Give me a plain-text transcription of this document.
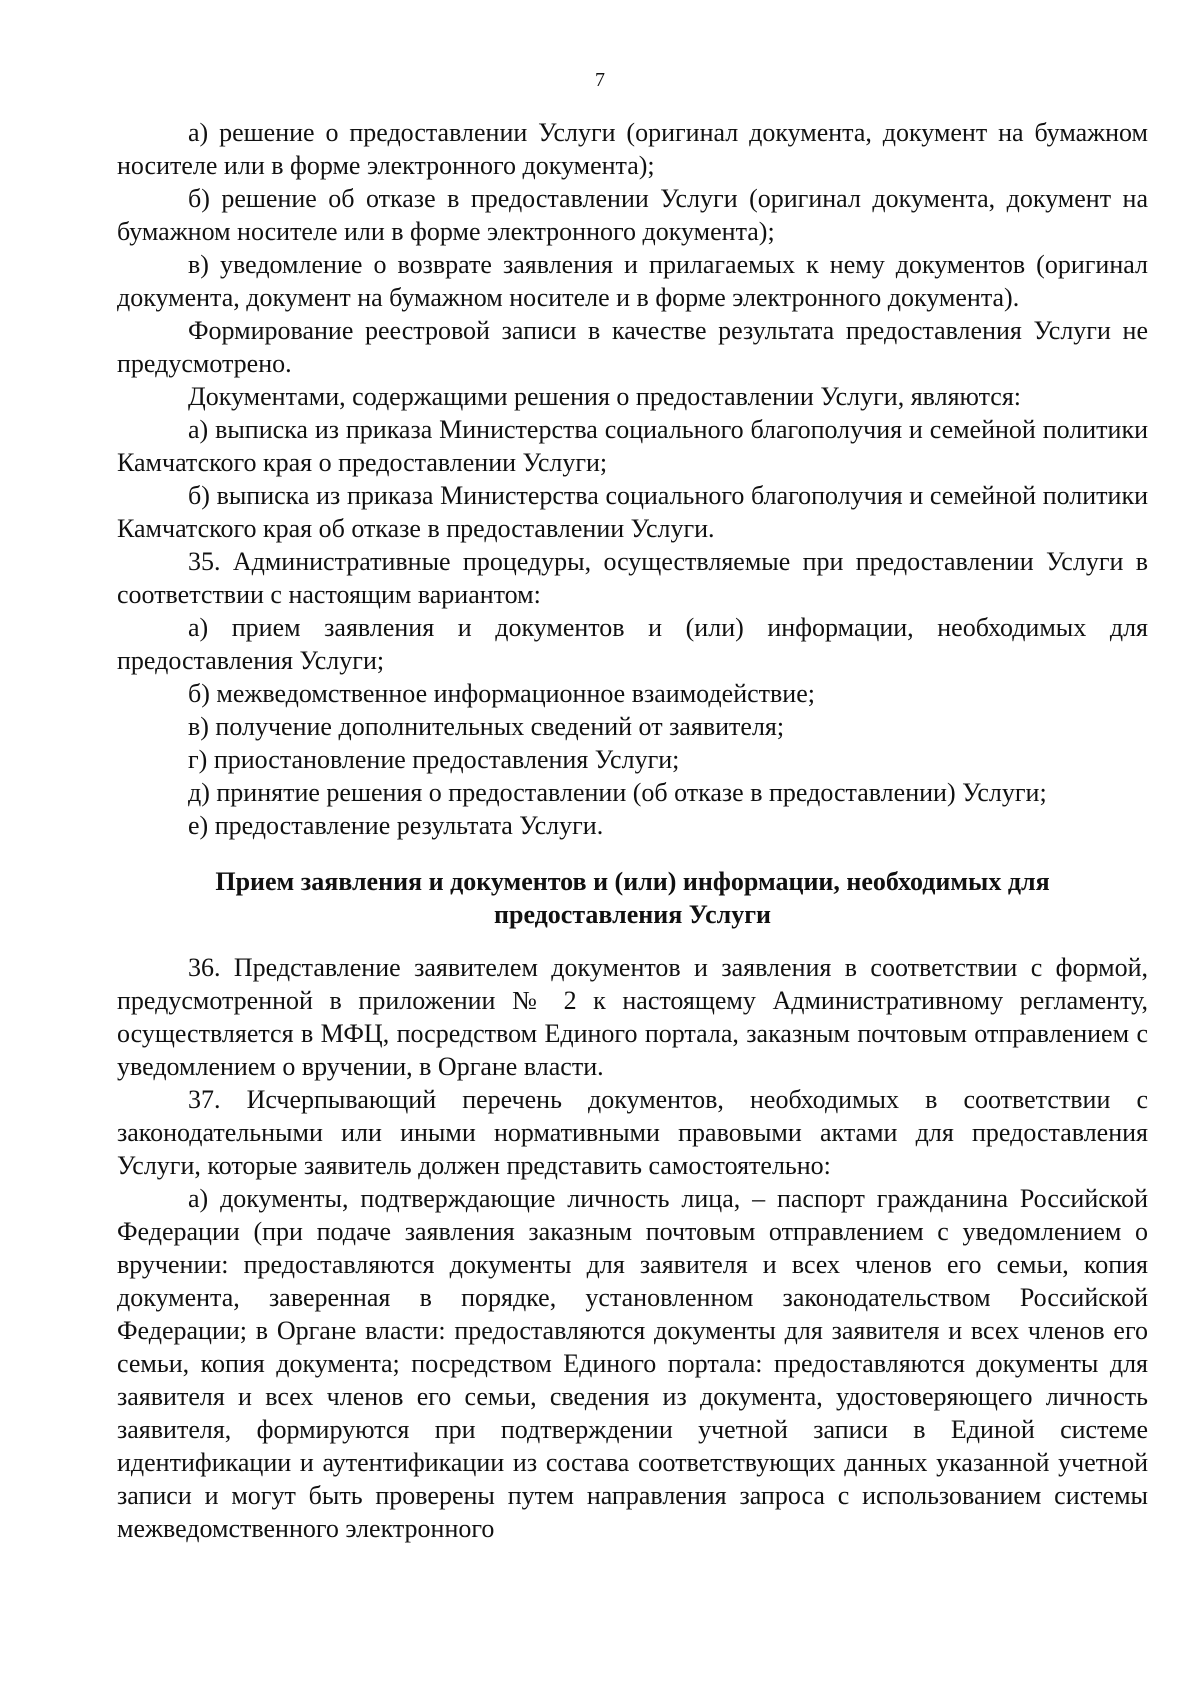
7

а) решение о предоставлении Услуги (оригинал документа, документ на бумажном носителе или в форме электронного документа);

б) решение об отказе в предоставлении Услуги (оригинал документа, документ на бумажном носителе или в форме электронного документа);

в) уведомление о возврате заявления и прилагаемых к нему документов (оригинал документа, документ на бумажном носителе и в форме электронного документа).

Формирование реестровой записи в качестве результата предоставления Услуги не предусмотрено.

Документами, содержащими решения о предоставлении Услуги, являются:

а) выписка из приказа Министерства социального благополучия и семейной политики Камчатского края о предоставлении Услуги;

б) выписка из приказа Министерства социального благополучия и семейной политики Камчатского края об отказе в предоставлении Услуги.

35. Административные процедуры, осуществляемые при предоставлении Услуги в соответствии с настоящим вариантом:

а) прием заявления и документов и (или) информации, необходимых для предоставления Услуги;

б) межведомственное информационное взаимодействие;

в) получение дополнительных сведений от заявителя;

г) приостановление предоставления Услуги;

д) принятие решения о предоставлении (об отказе в предоставлении) Услуги;

е) предоставление результата Услуги.

Прием заявления и документов и (или) информации, необходимых для
предоставления Услуги

36. Представление заявителем документов и заявления в соответствии с формой, предусмотренной в приложении № 2 к настоящему Административному регламенту, осуществляется в МФЦ, посредством Единого портала, заказным почтовым отправлением с уведомлением о вручении, в Органе власти.

37. Исчерпывающий перечень документов, необходимых в соответствии с законодательными или иными нормативными правовыми актами для предоставления Услуги, которые заявитель должен представить самостоятельно:

а) документы, подтверждающие личность лица, – паспорт гражданина Российской Федерации (при подаче заявления заказным почтовым отправлением с уведомлением о вручении: предоставляются документы для заявителя и всех членов его семьи, копия документа, заверенная в порядке, установленном законодательством Российской Федерации; в Органе власти: предоставляются документы для заявителя и всех членов его семьи, копия документа; посредством Единого портала: предоставляются документы для заявителя и всех членов его семьи, сведения из документа, удостоверяющего личность заявителя, формируются при подтверждении учетной записи в Единой системе идентификации и аутентификации из состава соответствующих данных указанной учетной записи и могут быть проверены путем направления запроса с использованием системы межведомственного электронного
